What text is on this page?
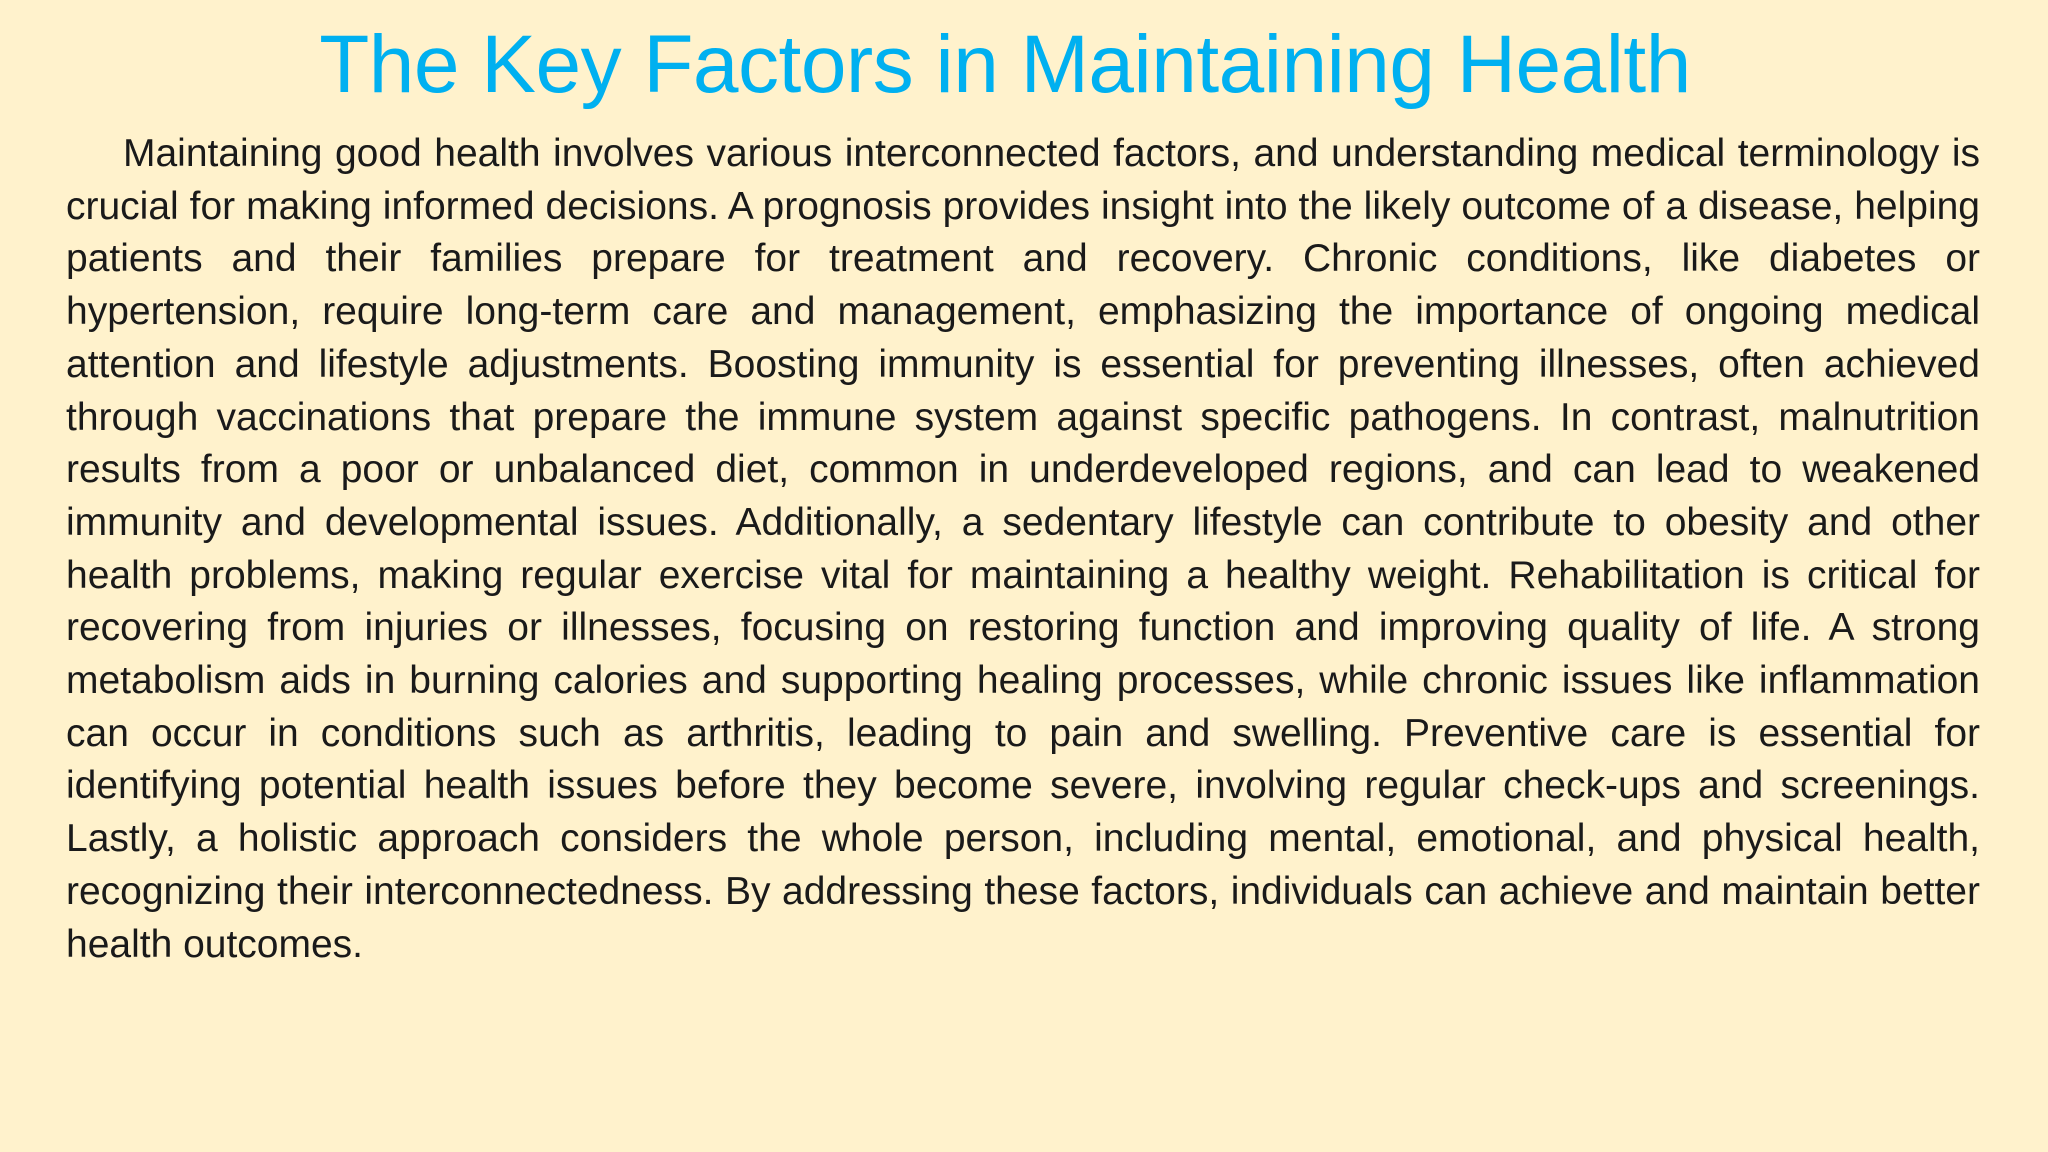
The Key Factors in Maintaining Health

Maintaining good health involves various interconnected factors, and understanding medical terminology is crucial for making informed decisions. A prognosis provides insight into the likely outcome of a disease, helping patients and their families prepare for treatment and recovery. Chronic conditions, like diabetes or hypertension, require long-term care and management, emphasizing the importance of ongoing medical attention and lifestyle adjustments. Boosting immunity is essential for preventing illnesses, often achieved through vaccinations that prepare the immune system against specific pathogens. In contrast, malnutrition results from a poor or unbalanced diet, common in underdeveloped regions, and can lead to weakened immunity and developmental issues. Additionally, a sedentary lifestyle can contribute to obesity and other health problems, making regular exercise vital for maintaining a healthy weight. Rehabilitation is critical for recovering from injuries or illnesses, focusing on restoring function and improving quality of life. A strong metabolism aids in burning calories and supporting healing processes, while chronic issues like inflammation can occur in conditions such as arthritis, leading to pain and swelling. Preventive care is essential for identifying potential health issues before they become severe, involving regular check-ups and screenings. Lastly, a holistic approach considers the whole person, including mental, emotional, and physical health, recognizing their interconnectedness. By addressing these factors, individuals can achieve and maintain better health outcomes.
